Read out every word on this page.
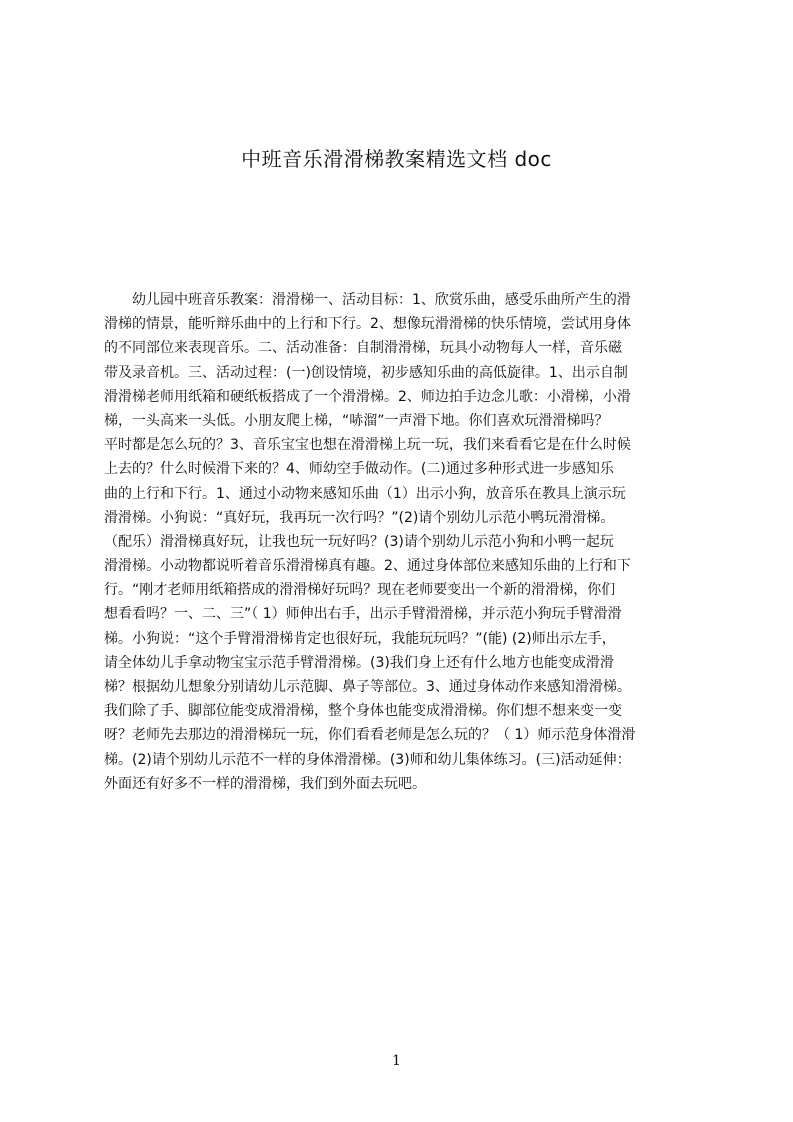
中班音乐滑滑梯教案精选文档 doc
　　幼儿园中班音乐教案：滑滑梯一、活动目标：1、欣赏乐曲，感受乐曲所产生的滑
滑梯的情景，能听辩乐曲中的上行和下行。2、想像玩滑滑梯的快乐情境，尝试用身体
的不同部位来表现音乐。二、活动准备：自制滑滑梯，玩具小动物每人一样，音乐磁
带及录音机。三、活动过程：(一)创设情境，初步感知乐曲的高低旋律。1、出示自制
滑滑梯老师用纸箱和硬纸板搭成了一个滑滑梯。2、师边拍手边念儿歌：小滑梯，小滑
梯，一头高来一头低。小朋友爬上梯，“哧溜”一声滑下地。你们喜欢玩滑滑梯吗？
平时都是怎么玩的？3、音乐宝宝也想在滑滑梯上玩一玩，我们来看看它是在什么时候
上去的？什么时候滑下来的？4、师幼空手做动作。(二)通过多种形式进一步感知乐
曲的上行和下行。1、通过小动物来感知乐曲（1）出示小狗，放音乐在教具上演示玩
滑滑梯。小狗说：“真好玩，我再玩一次行吗？”(2)请个别幼儿示范小鸭玩滑滑梯。
（配乐）滑滑梯真好玩，让我也玩一玩好吗？(3)请个别幼儿示范小狗和小鸭一起玩
滑滑梯。小动物都说听着音乐滑滑梯真有趣。2、通过身体部位来感知乐曲的上行和下
行。“刚才老师用纸箱搭成的滑滑梯好玩吗？现在老师要变出一个新的滑滑梯，你们
想看看吗？一、二、三”（ 1）师伸出右手，出示手臂滑滑梯，并示范小狗玩手臂滑滑
梯。小狗说：“这个手臂滑滑梯肯定也很好玩，我能玩玩吗？”(能) (2)师出示左手，
请全体幼儿手拿动物宝宝示范手臂滑滑梯。(3)我们身上还有什么地方也能变成滑滑
梯？根据幼儿想象分别请幼儿示范脚、鼻子等部位。3、通过身体动作来感知滑滑梯。
我们除了手、脚部位能变成滑滑梯，整个身体也能变成滑滑梯。你们想不想来变一变
呀？老师先去那边的滑滑梯玩一玩，你们看看老师是怎么玩的？（ 1）师示范身体滑滑
梯。(2)请个别幼儿示范不一样的身体滑滑梯。(3)师和幼儿集体练习。(三)活动延伸：
外面还有好多不一样的滑滑梯，我们到外面去玩吧。
1
